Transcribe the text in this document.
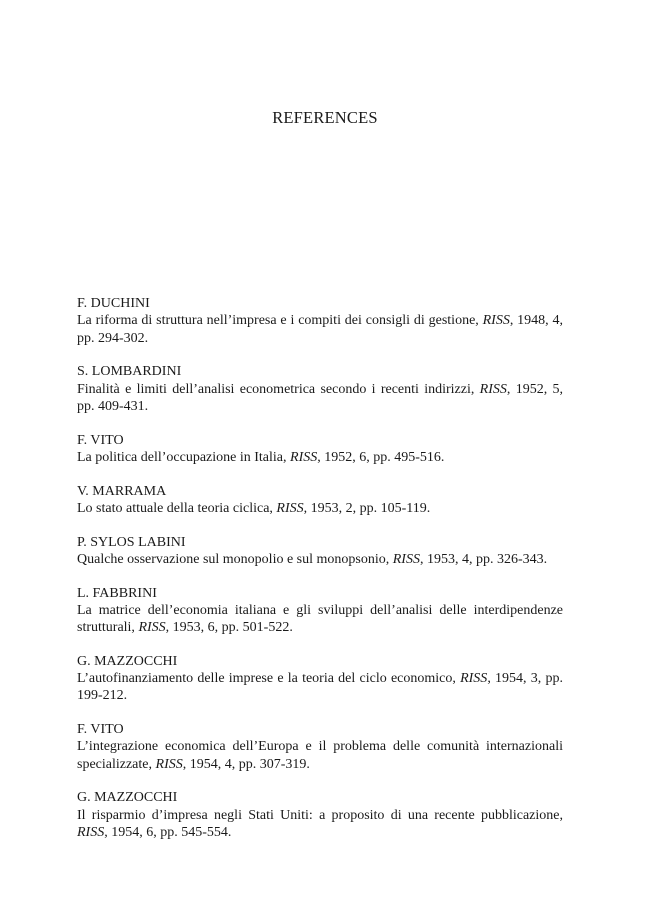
REFERENCES
F. DUCHINI
La riforma di struttura nell’impresa e i compiti dei consigli di gestione, RISS, 1948, 4, pp. 294-302.
S. LOMBARDINI
Finalità e limiti dell’analisi econometrica secondo i recenti indirizzi, RISS, 1952, 5, pp. 409-431.
F. VITO
La politica dell’occupazione in Italia, RISS, 1952, 6, pp. 495-516.
V. MARRAMA
Lo stato attuale della teoria ciclica, RISS, 1953, 2, pp. 105-119.
P. SYLOS LABINI
Qualche osservazione sul monopolio e sul monopsonio, RISS, 1953, 4, pp. 326-343.
L. FABBRINI
La matrice dell’economia italiana e gli sviluppi dell’analisi delle interdipendenze strutturali, RISS, 1953, 6, pp. 501-522.
G. MAZZOCCHI
L’autofinanziamento delle imprese e la teoria del ciclo economico, RISS, 1954, 3, pp. 199-212.
F. VITO
L’integrazione economica dell’Europa e il problema delle comunità internazionali specializzate, RISS, 1954, 4, pp. 307-319.
G. MAZZOCCHI
Il risparmio d’impresa negli Stati Uniti: a proposito di una recente pubblicazione, RISS, 1954, 6, pp. 545-554.
